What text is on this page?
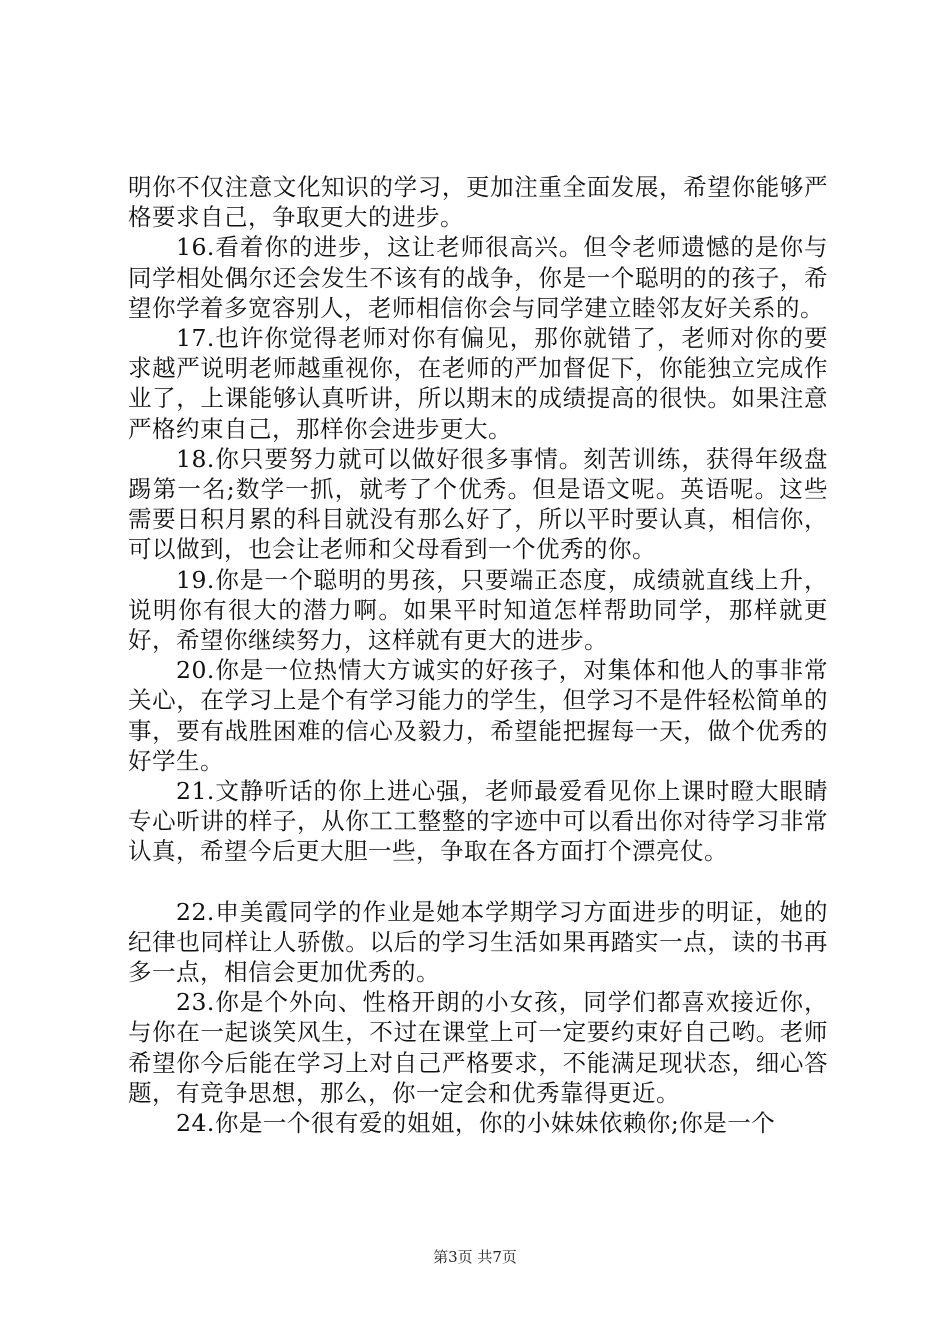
明你不仅注意文化知识的学习，更加注重全面发展，希望你能够严格要求自己，争取更大的进步。

16.看着你的进步，这让老师很高兴。但令老师遗憾的是你与同学相处偶尔还会发生不该有的战争，你是一个聪明的的孩子，希望你学着多宽容别人，老师相信你会与同学建立睦邻友好关系的。

17.也许你觉得老师对你有偏见，那你就错了，老师对你的要求越严说明老师越重视你，在老师的严加督促下，你能独立完成作业了，上课能够认真听讲，所以期末的成绩提高的很快。如果注意严格约束自己，那样你会进步更大。

18.你只要努力就可以做好很多事情。刻苦训练，获得年级盘踢第一名;数学一抓，就考了个优秀。但是语文呢。英语呢。这些需要日积月累的科目就没有那么好了，所以平时要认真，相信你，可以做到，也会让老师和父母看到一个优秀的你。

19.你是一个聪明的男孩，只要端正态度，成绩就直线上升，说明你有很大的潜力啊。如果平时知道怎样帮助同学，那样就更好，希望你继续努力，这样就有更大的进步。

20.你是一位热情大方诚实的好孩子，对集体和他人的事非常关心，在学习上是个有学习能力的学生，但学习不是件轻松简单的事，要有战胜困难的信心及毅力，希望能把握每一天，做个优秀的好学生。

21.文静听话的你上进心强，老师最爱看见你上课时瞪大眼睛专心听讲的样子，从你工工整整的字迹中可以看出你对待学习非常认真，希望今后更大胆一些，争取在各方面打个漂亮仗。

22.申美霞同学的作业是她本学期学习方面进步的明证，她的纪律也同样让人骄傲。以后的学习生活如果再踏实一点，读的书再多一点，相信会更加优秀的。

23.你是个外向、性格开朗的小女孩，同学们都喜欢接近你，与你在一起谈笑风生，不过在课堂上可一定要约束好自己哟。老师希望你今后能在学习上对自己严格要求，不能满足现状态，细心答题，有竞争思想，那么，你一定会和优秀靠得更近。

24.你是一个很有爱的姐姐，你的小妹妹依赖你;你是一个

第3页 共7页
